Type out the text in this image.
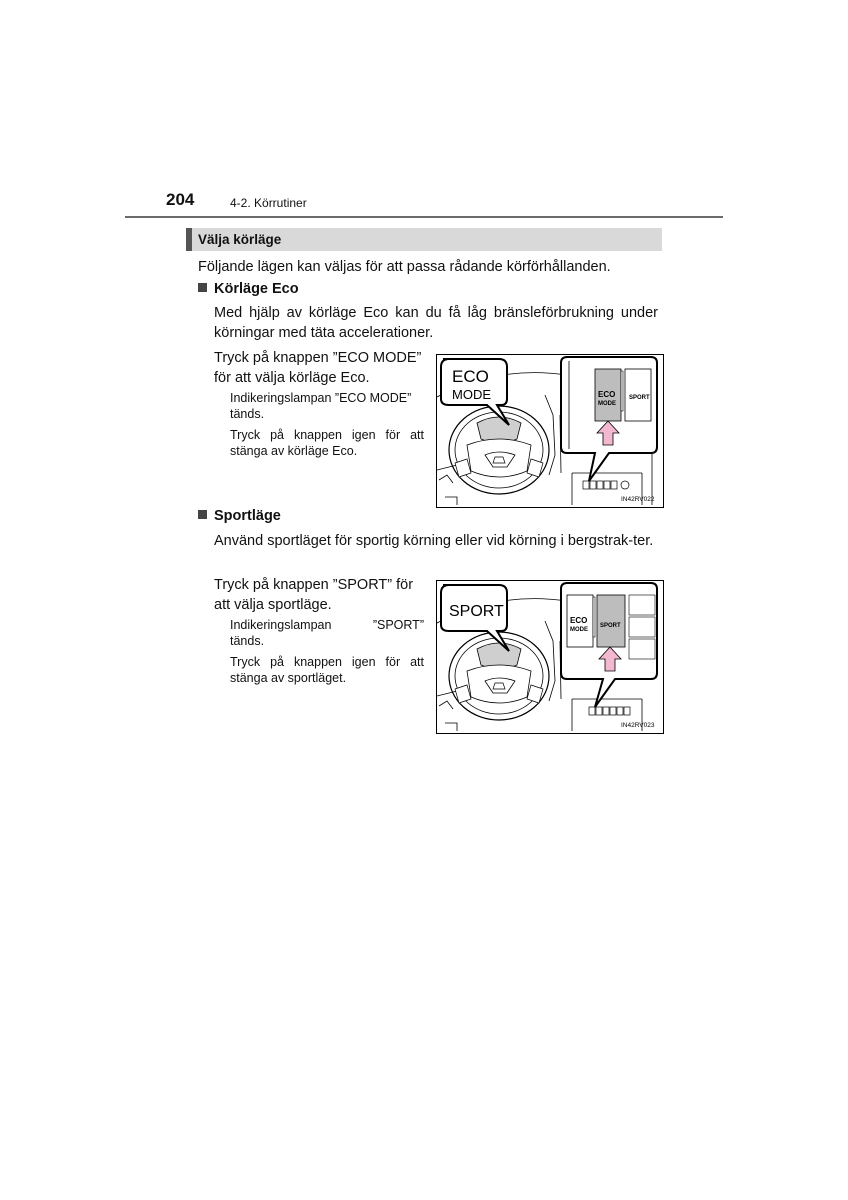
204	4-2. Körrutiner
Välja körläge
Följande lägen kan väljas för att passa rådande körförhållanden.
Körläge Eco
Med hjälp av körläge Eco kan du få låg bränsleförbrukning under körningar med täta accelerationer.
Tryck på knappen ”ECO MODE”
för att välja körläge Eco.
Indikeringslampan ”ECO MODE”
tänds.
Tryck på knappen igen för att stänga av körläge Eco.
ECO
MODE	ECO
MODE
SPORT
IN42RV022
Sportläge
Använd sportläget för sportig körning eller vid körning i bergstrak-ter.
Tryck på knappen ”SPORT” för
att välja sportläge.
Indikeringslampan ”SPORT”
tänds.
Tryck på knappen igen för att stänga av sportläget.
SPORT
ECO
MODE
SPORT
IN42RV023
